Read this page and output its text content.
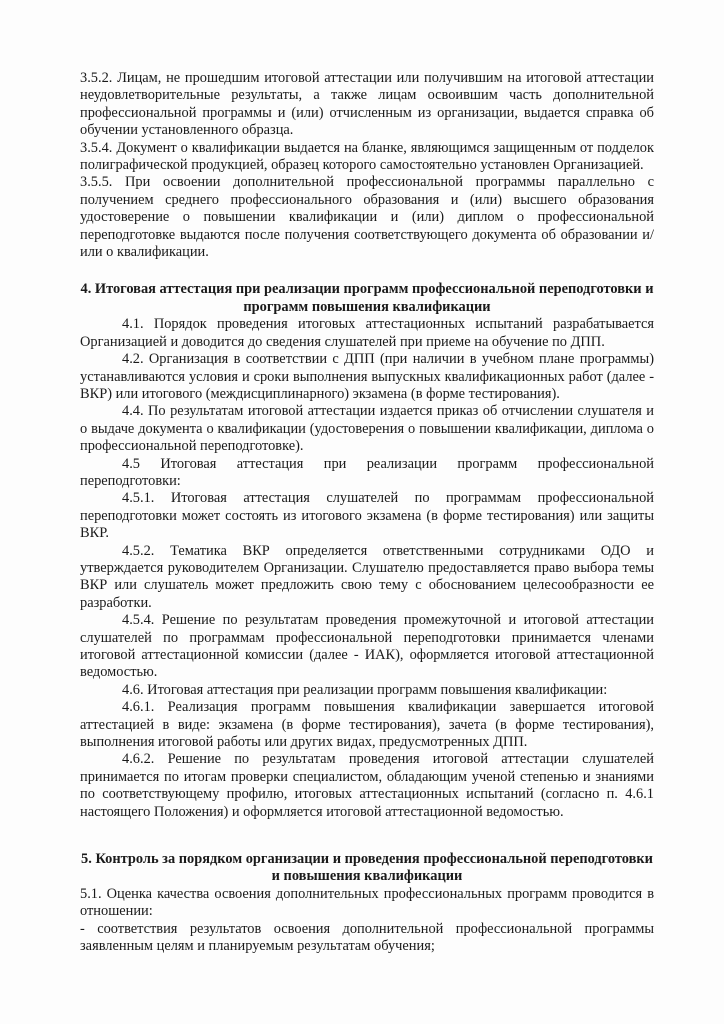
3.5.2. Лицам, не прошедшим итоговой аттестации или получившим на итоговой аттестации неудовлетворительные результаты, а также лицам освоившим часть дополнительной профессиональной программы и (или) отчисленным из организации, выдается справка об обучении установленного образца.

3.5.4. Документ о квалификации выдается на бланке, являющимся защищенным от подделок полиграфической продукцией, образец которого самостоятельно установлен Организацией.

3.5.5. При освоении дополнительной профессиональной программы параллельно с получением среднего профессионального образования и (или) высшего образования удостоверение о повышении квалификации и (или) диплом о профессиональной переподготовке выдаются после получения соответствующего документа об образовании и/или о квалификации.

4. Итоговая аттестация при реализации программ профессиональной переподготовки и программ повышения квалификации

4.1. Порядок проведения итоговых аттестационных испытаний разрабатывается Организацией и доводится до сведения слушателей при приеме на обучение по ДПП.

4.2. Организация в соответствии с ДПП (при наличии в учебном плане программы) устанавливаются условия и сроки выполнения выпускных квалификационных работ (далее - ВКР) или итогового (междисциплинарного) экзамена (в форме тестирования).

4.4. По результатам итоговой аттестации издается приказ об отчислении слушателя и о выдаче документа о квалификации (удостоверения о повышении квалификации, диплома о профессиональной переподготовке).

4.5 Итоговая аттестация при реализации программ профессиональной переподготовки:

4.5.1. Итоговая аттестация слушателей по программам профессиональной переподготовки может состоять из итогового экзамена (в форме тестирования) или защиты ВКР.

4.5.2. Тематика ВКР определяется ответственными сотрудниками ОДО и утверждается руководителем Организации. Слушателю предоставляется право выбора темы ВКР или слушатель может предложить свою тему с обоснованием целесообразности ее разработки.

4.5.4. Решение по результатам проведения промежуточной и итоговой аттестации слушателей по программам профессиональной переподготовки принимается членами итоговой аттестационной комиссии (далее - ИАК), оформляется итоговой аттестационной ведомостью.

4.6. Итоговая аттестация при реализации программ повышения квалификации:

4.6.1. Реализация программ повышения квалификации завершается итоговой аттестацией в виде: экзамена (в форме тестирования), зачета (в форме тестирования), выполнения итоговой работы или других видах, предусмотренных ДПП.

4.6.2. Решение по результатам проведения итоговой аттестации слушателей принимается по итогам проверки специалистом, обладающим ученой степенью и знаниями по соответствующему профилю, итоговых аттестационных испытаний (согласно п. 4.6.1 настоящего Положения) и оформляется итоговой аттестационной ведомостью.

5. Контроль за порядком организации и проведения профессиональной переподготовки и повышения квалификации

5.1. Оценка качества освоения дополнительных профессиональных программ проводится в отношении:

- соответствия результатов освоения дополнительной профессиональной программы заявленным целям и планируемым результатам обучения;
